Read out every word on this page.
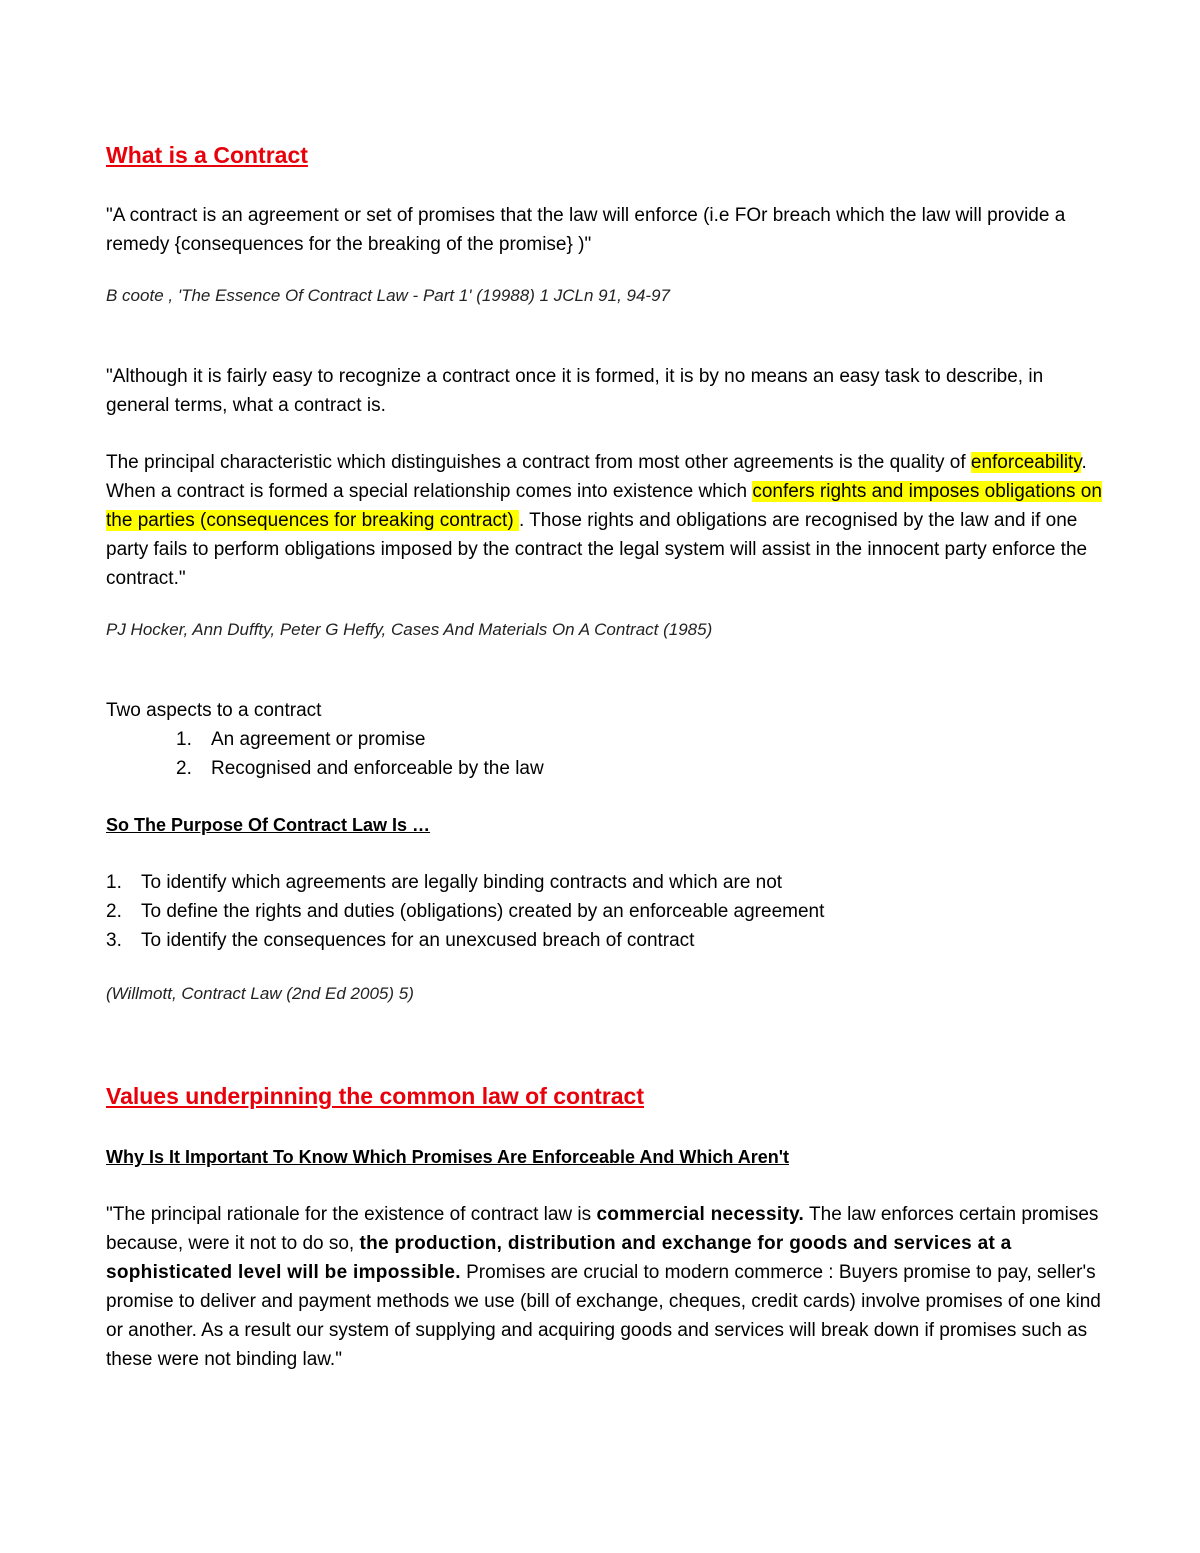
What is a Contract

"A contract is an agreement or set of promises that the law will enforce (i.e FOr breach which the law will provide a remedy {consequences for the breaking of the promise} )"

B coote , 'The Essence Of Contract Law - Part 1' (19988) 1 JCLn 91, 94-97

"Although it is fairly easy to recognize a contract once it is formed, it is by no means an easy task to describe, in general terms, what a contract is.

The principal characteristic which distinguishes a contract from most other agreements is the quality of enforceability. When a contract is formed a special relationship comes into existence which confers rights and imposes obligations on the parties (consequences for breaking contract) . Those rights and obligations are recognised by the law and if one party fails to perform obligations imposed by the contract the legal system will assist in the innocent party enforce the contract."

PJ Hocker, Ann Duffty, Peter G Heffy, Cases And Materials On A Contract (1985)

Two aspects to a contract

1.	An agreement or promise
2.	Recognised and enforceable by the law
So The Purpose Of Contract Law Is …
1.	To identify which agreements are legally binding contracts and which are not
2.	To define the rights and duties (obligations) created by an enforceable agreement
3.	To identify the consequences for an unexcused breach of contract

(Willmott, Contract Law (2nd Ed 2005) 5)

Values underpinning the common law of contract
Why Is It Important To Know Which Promises Are Enforceable And Which Aren't

"The principal rationale for the existence of contract law is commercial necessity. The law enforces certain promises because, were it not to do so, the production, distribution and exchange for goods and services at a sophisticated level will be impossible. Promises are crucial to modern commerce : Buyers promise to pay, seller's promise to deliver and payment methods we use (bill of exchange, cheques, credit cards) involve promises of one kind or another. As a result our system of supplying and acquiring goods and services will break down if promises such as these were not binding law."
